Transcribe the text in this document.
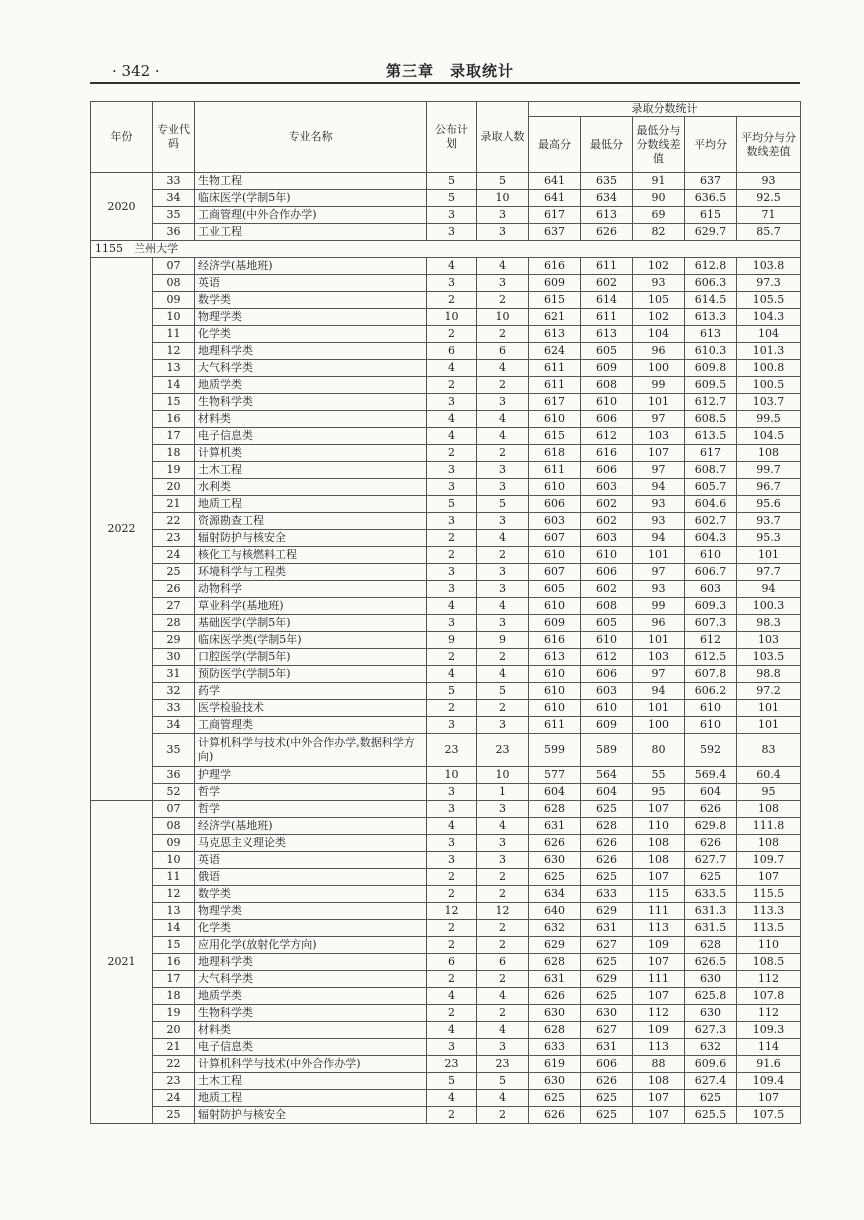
· 342 ·	第三章　录取统计
年份	专业代码	专业名称	公布计划	录取人数	录取分数统计				
					最高分	最低分	最低分与分数线差值	平均分	平均分与分数线差值
2020	33	生物工程	5	5	641	635	91	637	93
	34	临床医学(学制5年)	5	10	641	634	90	636.5	92.5
	35	工商管理(中外合作办学)	3	3	617	613	69	615	71
	36	工业工程	3	3	637	626	82	629.7	85.7
1155　兰州大学									
2022	07	经济学(基地班)	4	4	616	611	102	612.8	103.8
	08	英语	3	3	609	602	93	606.3	97.3
	09	数学类	2	2	615	614	105	614.5	105.5
	10	物理学类	10	10	621	611	102	613.3	104.3
	11	化学类	2	2	613	613	104	613	104
	12	地理科学类	6	6	624	605	96	610.3	101.3
	13	大气科学类	4	4	611	609	100	609.8	100.8
	14	地质学类	2	2	611	608	99	609.5	100.5
	15	生物科学类	3	3	617	610	101	612.7	103.7
	16	材料类	4	4	610	606	97	608.5	99.5
	17	电子信息类	4	4	615	612	103	613.5	104.5
	18	计算机类	2	2	618	616	107	617	108
	19	土木工程	3	3	611	606	97	608.7	99.7
	20	水利类	3	3	610	603	94	605.7	96.7
	21	地质工程	5	5	606	602	93	604.6	95.6
	22	资源勘查工程	3	3	603	602	93	602.7	93.7
	23	辐射防护与核安全	2	4	607	603	94	604.3	95.3
	24	核化工与核燃料工程	2	2	610	610	101	610	101
	25	环境科学与工程类	3	3	607	606	97	606.7	97.7
	26	动物科学	3	3	605	602	93	603	94
	27	草业科学(基地班)	4	4	610	608	99	609.3	100.3
	28	基础医学(学制5年)	3	3	609	605	96	607.3	98.3
	29	临床医学类(学制5年)	9	9	616	610	101	612	103
	30	口腔医学(学制5年)	2	2	613	612	103	612.5	103.5
	31	预防医学(学制5年)	4	4	610	606	97	607.8	98.8
	32	药学	5	5	610	603	94	606.2	97.2
	33	医学检验技术	2	2	610	610	101	610	101
	34	工商管理类	3	3	611	609	100	610	101
	35	计算机科学与技术(中外合作办学,数据科学方向)	23	23	599	589	80	592	83
	36	护理学	10	10	577	564	55	569.4	60.4
	52	哲学	3	1	604	604	95	604	95
2021	07	哲学	3	3	628	625	107	626	108
	08	经济学(基地班)	4	4	631	628	110	629.8	111.8
	09	马克思主义理论类	3	3	626	626	108	626	108
	10	英语	3	3	630	626	108	627.7	109.7
	11	俄语	2	2	625	625	107	625	107
	12	数学类	2	2	634	633	115	633.5	115.5
	13	物理学类	12	12	640	629	111	631.3	113.3
	14	化学类	2	2	632	631	113	631.5	113.5
	15	应用化学(放射化学方向)	2	2	629	627	109	628	110
	16	地理科学类	6	6	628	625	107	626.5	108.5
	17	大气科学类	2	2	631	629	111	630	112
	18	地质学类	4	4	626	625	107	625.8	107.8
	19	生物科学类	2	2	630	630	112	630	112
	20	材料类	4	4	628	627	109	627.3	109.3
	21	电子信息类	3	3	633	631	113	632	114
	22	计算机科学与技术(中外合作办学)	23	23	619	606	88	609.6	91.6
	23	土木工程	5	5	630	626	108	627.4	109.4
	24	地质工程	4	4	625	625	107	625	107
	25	辐射防护与核安全	2	2	626	625	107	625.5	107.5
